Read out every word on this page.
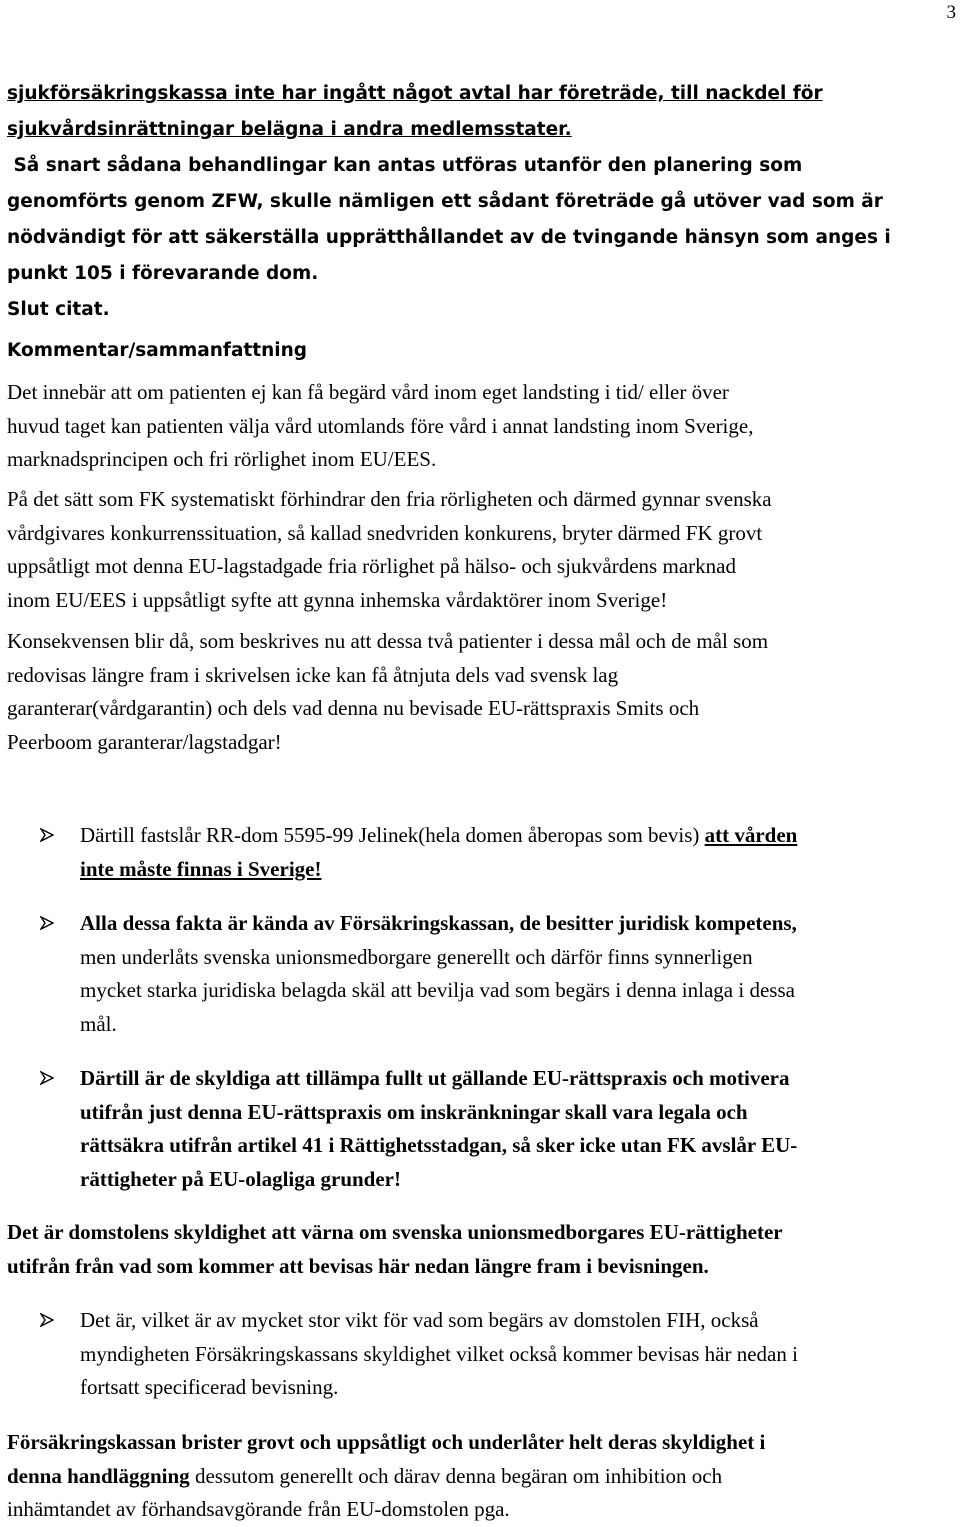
3
sjukförsäkringskassa inte har ingått något avtal har företräde, till nackdel för
sjukvårdsinrättningar belägna i andra medlemsstater.
Så snart sådana behandlingar kan antas utföras utanför den planering som
genomförts genom ZFW, skulle nämligen ett sådant företräde gå utöver vad som är
nödvändigt för att säkerställa upprätthållandet av de tvingande hänsyn som anges i
punkt 105 i förevarande dom.
Slut citat.
Kommentar/sammanfattning
Det innebär att om patienten ej kan få begärd vård inom eget landsting i tid/ eller över
huvud taget kan patienten välja vård utomlands före vård i annat landsting inom Sverige,
marknadsprincipen och fri rörlighet inom EU/EES.
På det sätt som FK systematiskt förhindrar den fria rörligheten och därmed gynnar svenska
vårdgivares konkurrenssituation, så kallad snedvriden konkurens, bryter därmed FK grovt
uppsåtligt mot denna EU-lagstadgade fria rörlighet på hälso- och sjukvårdens marknad
inom EU/EES i uppsåtligt syfte att gynna inhemska vårdaktörer inom Sverige!
Konsekvensen blir då, som beskrives nu att dessa två patienter i dessa mål och de mål som
redovisas längre fram i skrivelsen icke kan få åtnjuta dels vad svensk lag
garanterar(vårdgarantin) och dels vad denna nu bevisade EU-rättspraxis Smits och
Peerboom garanterar/lagstadgar!
Därtill fastslår RR-dom 5595-99 Jelinek(hela domen åberopas som bevis) att vården
inte måste finnas i Sverige!
Alla dessa fakta är kända av Försäkringskassan, de besitter juridisk kompetens,
men underlåts svenska unionsmedborgare generellt och därför finns synnerligen
mycket starka juridiska belagda skäl att bevilja vad som begärs i denna inlaga i dessa
mål.
Därtill är de skyldiga att tillämpa fullt ut gällande EU-rättspraxis och motivera
utifrån just denna EU-rättspraxis om inskränkningar skall vara legala och
rättsäkra utifrån artikel 41 i Rättighetsstadgan, så sker icke utan FK avslår EU-
rättigheter på EU-olagliga grunder!
Det är domstolens skyldighet att värna om svenska unionsmedborgares EU-rättigheter
utifrån från vad som kommer att bevisas här nedan längre fram i bevisningen.
Det är, vilket är av mycket stor vikt för vad som begärs av domstolen FIH, också
myndigheten Försäkringskassans skyldighet vilket också kommer bevisas här nedan i
fortsatt specificerad bevisning.
Försäkringskassan brister grovt och uppsåtligt och underlåter helt deras skyldighet i
denna handläggning dessutom generellt och därav denna begäran om inhibition och
inhämtandet av förhandsavgörande från EU-domstolen pga.
